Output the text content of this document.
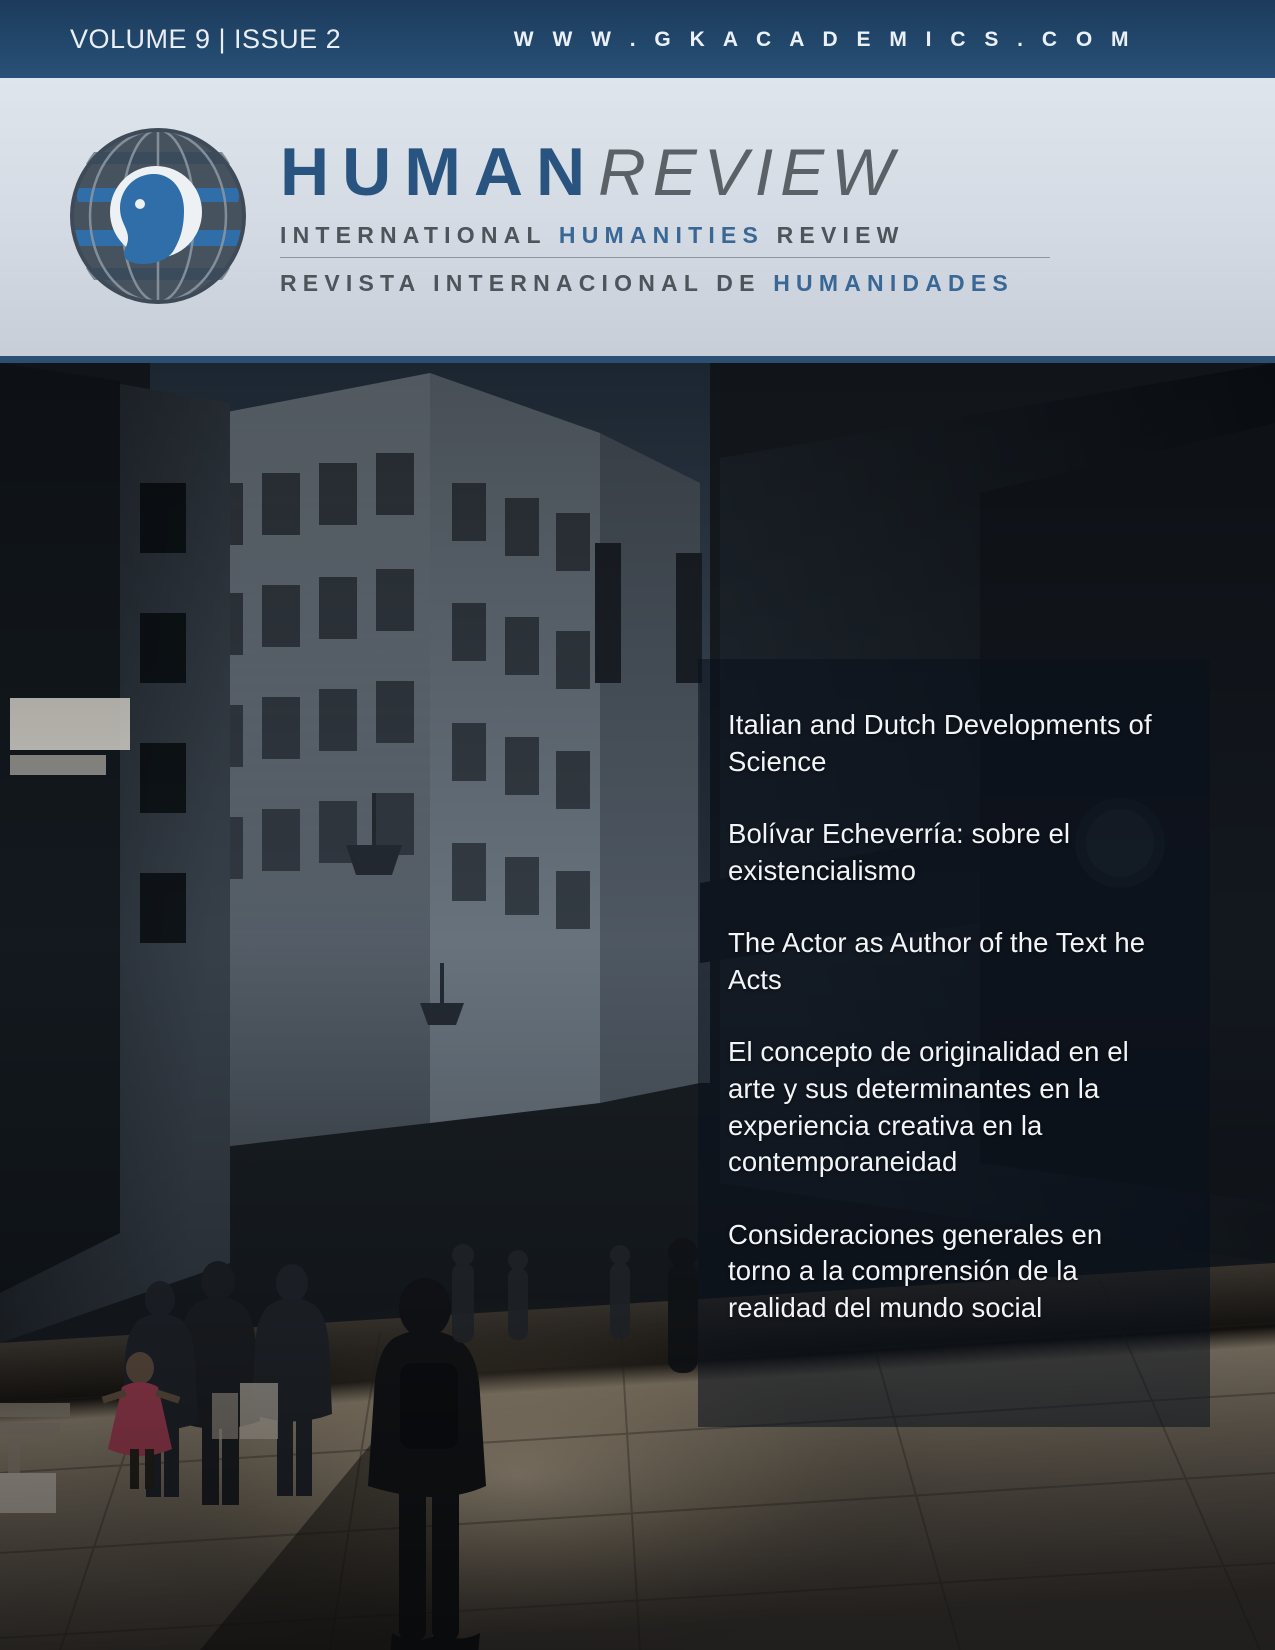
Italian and Dutch Developments of Science
Bolívar Echeverría: sobre el existencialismo
The Actor as Author of the Text he Acts
El concepto de originalidad en el arte y sus determinantes en la experiencia creativa en la contemporaneidad
Consideraciones generales en torno a la comprensión de la realidad del mundo social
HUMANREVIEW
INTERNATIONAL HUMANITIES REVIEW
REVISTA INTERNACIONAL DE HUMANIDADES
VOLUME 9 | ISSUE 2	W W W . G K A C A D E M I C S . C O M
